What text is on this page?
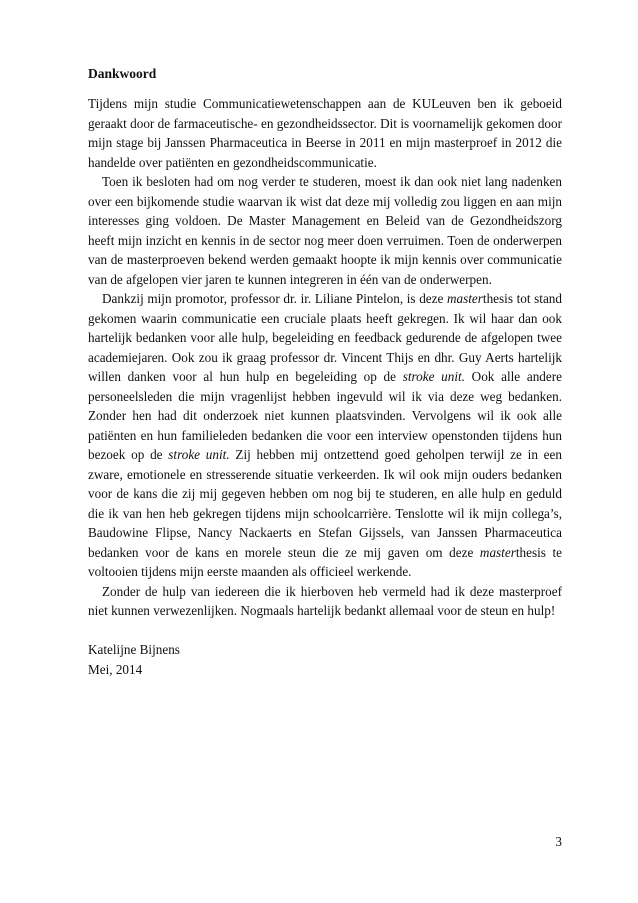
Dankwoord

Tijdens mijn studie Communicatiewetenschappen aan de KULeuven ben ik geboeid geraakt door de farmaceutische- en gezondheidssector. Dit is voornamelijk gekomen door mijn stage bij Janssen Pharmaceutica in Beerse in 2011 en mijn masterproef in 2012 die handelde over patiënten en gezondheidscommunicatie.

Toen ik besloten had om nog verder te studeren, moest ik dan ook niet lang nadenken over een bijkomende studie waarvan ik wist dat deze mij volledig zou liggen en aan mijn interesses ging voldoen. De Master Management en Beleid van de Gezondheidszorg heeft mijn inzicht en kennis in de sector nog meer doen verruimen. Toen de onderwerpen van de masterproeven bekend werden gemaakt hoopte ik mijn kennis over communicatie van de afgelopen vier jaren te kunnen integreren in één van de onderwerpen.

Dankzij mijn promotor, professor dr. ir. Liliane Pintelon, is deze masterthesis tot stand gekomen waarin communicatie een cruciale plaats heeft gekregen. Ik wil haar dan ook hartelijk bedanken voor alle hulp, begeleiding en feedback gedurende de afgelopen twee academiejaren. Ook zou ik graag professor dr. Vincent Thijs en dhr. Guy Aerts hartelijk willen danken voor al hun hulp en begeleiding op de stroke unit. Ook alle andere personeelsleden die mijn vragenlijst hebben ingevuld wil ik via deze weg bedanken. Zonder hen had dit onderzoek niet kunnen plaatsvinden. Vervolgens wil ik ook alle patiënten en hun familieleden bedanken die voor een interview openstonden tijdens hun bezoek op de stroke unit. Zij hebben mij ontzettend goed geholpen terwijl ze in een zware, emotionele en stresserende situatie verkeerden. Ik wil ook mijn ouders bedanken voor de kans die zij mij gegeven hebben om nog bij te studeren, en alle hulp en geduld die ik van hen heb gekregen tijdens mijn schoolcarrière. Tenslotte wil ik mijn collega’s, Baudowine Flipse, Nancy Nackaerts en Stefan Gijssels, van Janssen Pharmaceutica bedanken voor de kans en morele steun die ze mij gaven om deze masterthesis te voltooien tijdens mijn eerste maanden als officieel werkende.

Zonder de hulp van iedereen die ik hierboven heb vermeld had ik deze masterproef niet kunnen verwezenlijken. Nogmaals hartelijk bedankt allemaal voor de steun en hulp!

Katelijne Bijnens
Mei, 2014
3
